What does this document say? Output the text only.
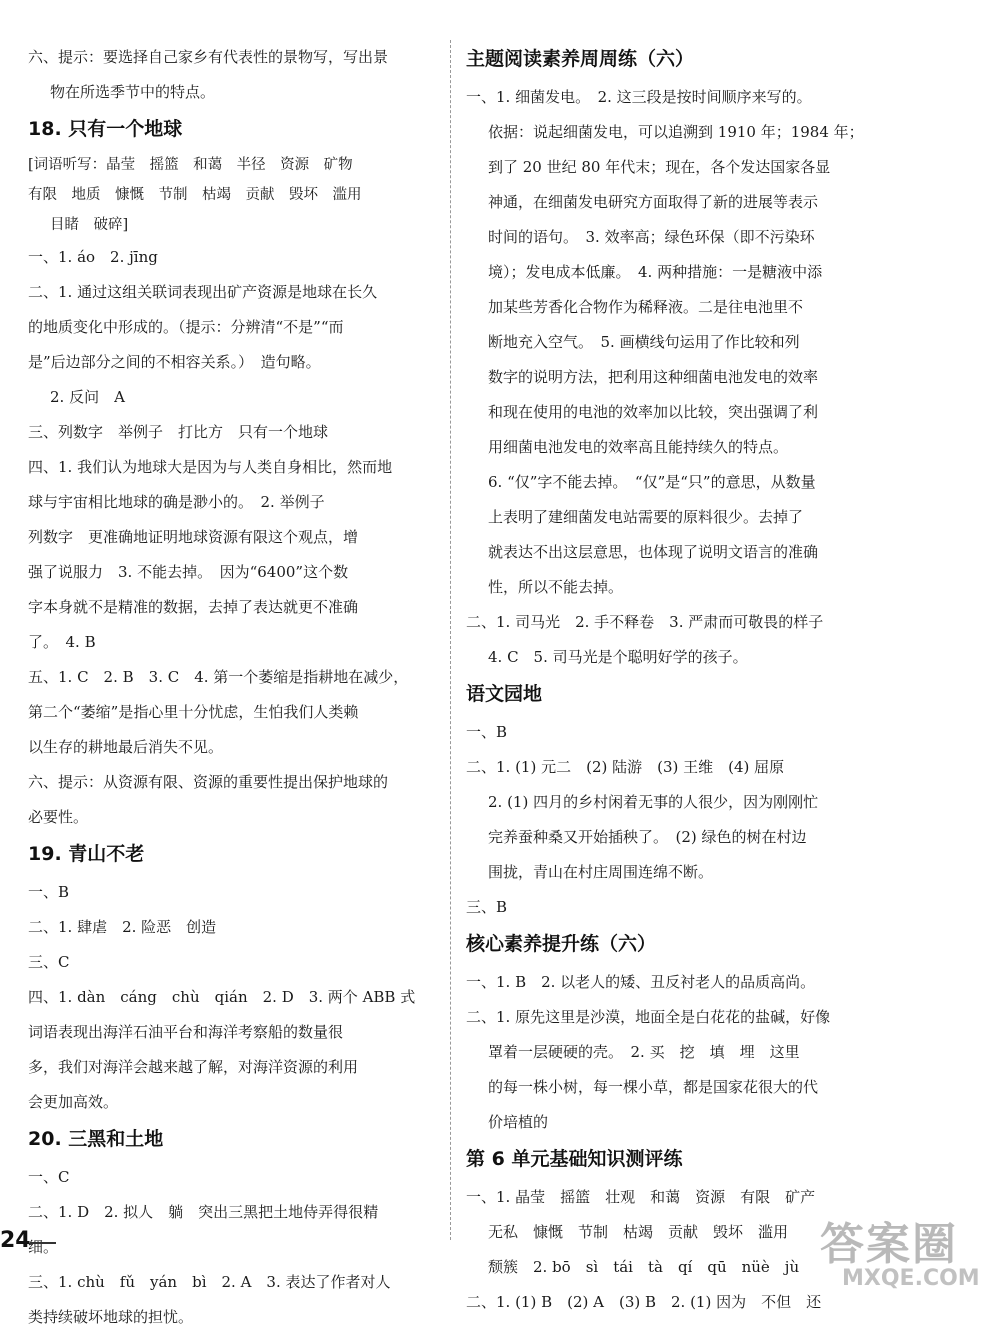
六、提示：要选择自己家乡有代表性的景物写，写出景
物在所选季节中的特点。
18. 只有一个地球
[词语听写：晶莹　摇篮　和蔼　半径　资源　矿物
有限　地质　慷慨　节制　枯竭　贡献　毁坏　滥用
目睹　破碎]
一、1. áo　2. jīng
二、1. 通过这组关联词表现出矿产资源是地球在长久
的地质变化中形成的。（提示：分辨清“不是”“而
是”后边部分之间的不相容关系。）　造句略。
2. 反问　A
三、列数字　举例子　打比方　只有一个地球
四、1. 我们认为地球大是因为与人类自身相比，然而地
球与宇宙相比地球的确是渺小的。　2. 举例子
列数字　更准确地证明地球资源有限这个观点，增
强了说服力　3. 不能去掉。　因为“6400”这个数
字本身就不是精准的数据，去掉了表达就更不准确
了。　4. B
五、1. C　2. B　3. C　4. 第一个萎缩是指耕地在减少，
第二个“萎缩”是指心里十分忧虑，生怕我们人类赖
以生存的耕地最后消失不见。
六、提示：从资源有限、资源的重要性提出保护地球的
必要性。
19. 青山不老
一、B
二、1. 肆虐　2. 险恶　创造
三、C
四、1. dàn　cáng　chù　qián　2. D　3. 两个 ABB 式
词语表现出海洋石油平台和海洋考察船的数量很
多，我们对海洋会越来越了解，对海洋资源的利用
会更加高效。
20. 三黑和土地
一、C
二、1. D　2. 拟人　躺　突出三黑把土地侍弄得很精
细。
三、1. chù　fǔ　yán　bì　2. A　3. 表达了作者对人
类持续破坏地球的担忧。
主题阅读素养周周练（六）
一、1. 细菌发电。　2. 这三段是按时间顺序来写的。
依据：说起细菌发电，可以追溯到 1910 年；1984 年；
到了 20 世纪 80 年代末；现在，各个发达国家各显
神通，在细菌发电研究方面取得了新的进展等表示
时间的语句。　3. 效率高；绿色环保（即不污染环
境）；发电成本低廉。　4. 两种措施：一是糖液中添
加某些芳香化合物作为稀释液。二是往电池里不
断地充入空气。　5. 画横线句运用了作比较和列
数字的说明方法，把利用这种细菌电池发电的效率
和现在使用的电池的效率加以比较，突出强调了利
用细菌电池发电的效率高且能持续久的特点。
6. “仅”字不能去掉。　“仅”是“只”的意思，从数量
上表明了建细菌发电站需要的原料很少。去掉了
就表达不出这层意思，也体现了说明文语言的准确
性，所以不能去掉。
二、1. 司马光　2. 手不释卷　3. 严肃而可敬畏的样子
4. C　5. 司马光是个聪明好学的孩子。
语文园地
一、B
二、1. (1) 元二　(2) 陆游　(3) 王维　(4) 屈原
2. (1) 四月的乡村闲着无事的人很少，因为刚刚忙
完养蚕种桑又开始插秧了。　(2) 绿色的树在村边
围拢，青山在村庄周围连绵不断。
三、B
核心素养提升练（六）
一、1. B　2. 以老人的矮、丑反衬老人的品质高尚。
二、1. 原先这里是沙漠，地面全是白花花的盐碱，好像
罩着一层硬硬的壳。　2. 买　挖　填　埋　这里
的每一株小树，每一棵小草，都是国家花很大的代
价培植的
第 6 单元基础知识测评练
一、1. 晶莹　摇篮　壮观　和蔼　资源　有限　矿产
无私　慷慨　节制　枯竭　贡献　毁坏　滥用
颓簇　2. bō　sì　tái　tà　qí　qū　nüè　jù
二、1. (1) B　(2) A　(3) B　2. (1) 因为　不但　还
24	答案圈
MXQE.COM
